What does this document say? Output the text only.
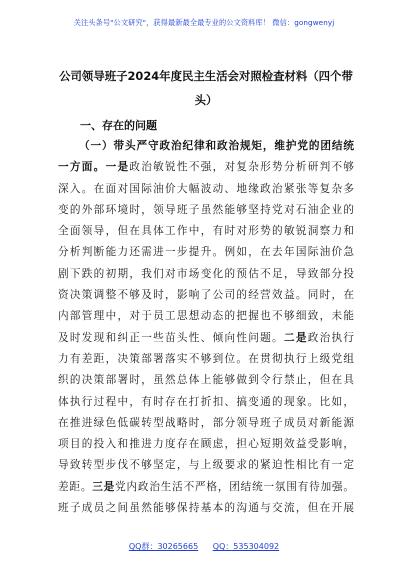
关注头条号"公文研究"，获得最新最全最专业的公文资料库！ 微信：gongwenyj
公司领导班子2024年度民主生活会对照检查材料（四个带头）
一、存在的问题
（一）带头严守政治纪律和政治规矩，维护党的团结统
一方面。一是政治敏锐性不强，对复杂形势分析研判不够
深入。在面对国际油价大幅波动、地缘政治紧张等复杂多
变的外部环境时，领导班子虽然能够坚持党对石油企业的
全面领导，但在具体工作中，有时对形势的敏锐洞察力和
分析判断能力还需进一步提升。例如，在去年国际油价急
剧下跌的初期，我们对市场变化的预估不足，导致部分投
资决策调整不够及时，影响了公司的经营效益。同时，在
内部管理中，对于员工思想动态的把握也不够细致，未能
及时发现和纠正一些苗头性、倾向性问题。二是政治执行
力有差距，决策部署落实不够到位。在贯彻执行上级党组
织的决策部署时，虽然总体上能够做到令行禁止，但在具
体执行过程中，有时存在打折扣、搞变通的现象。比如，
在推进绿色低碳转型战略时，部分领导班子成员对新能源
项目的投入和推进力度存在顾虑，担心短期效益受影响，
导致转型步伐不够坚定，与上级要求的紧迫性相比有一定
差距。三是党内政治生活不严格，团结统一氛围有待加强。
班子成员之间虽然能够保持基本的沟通与交流，但在开展
QQ群：30265665 QQ：535304092
